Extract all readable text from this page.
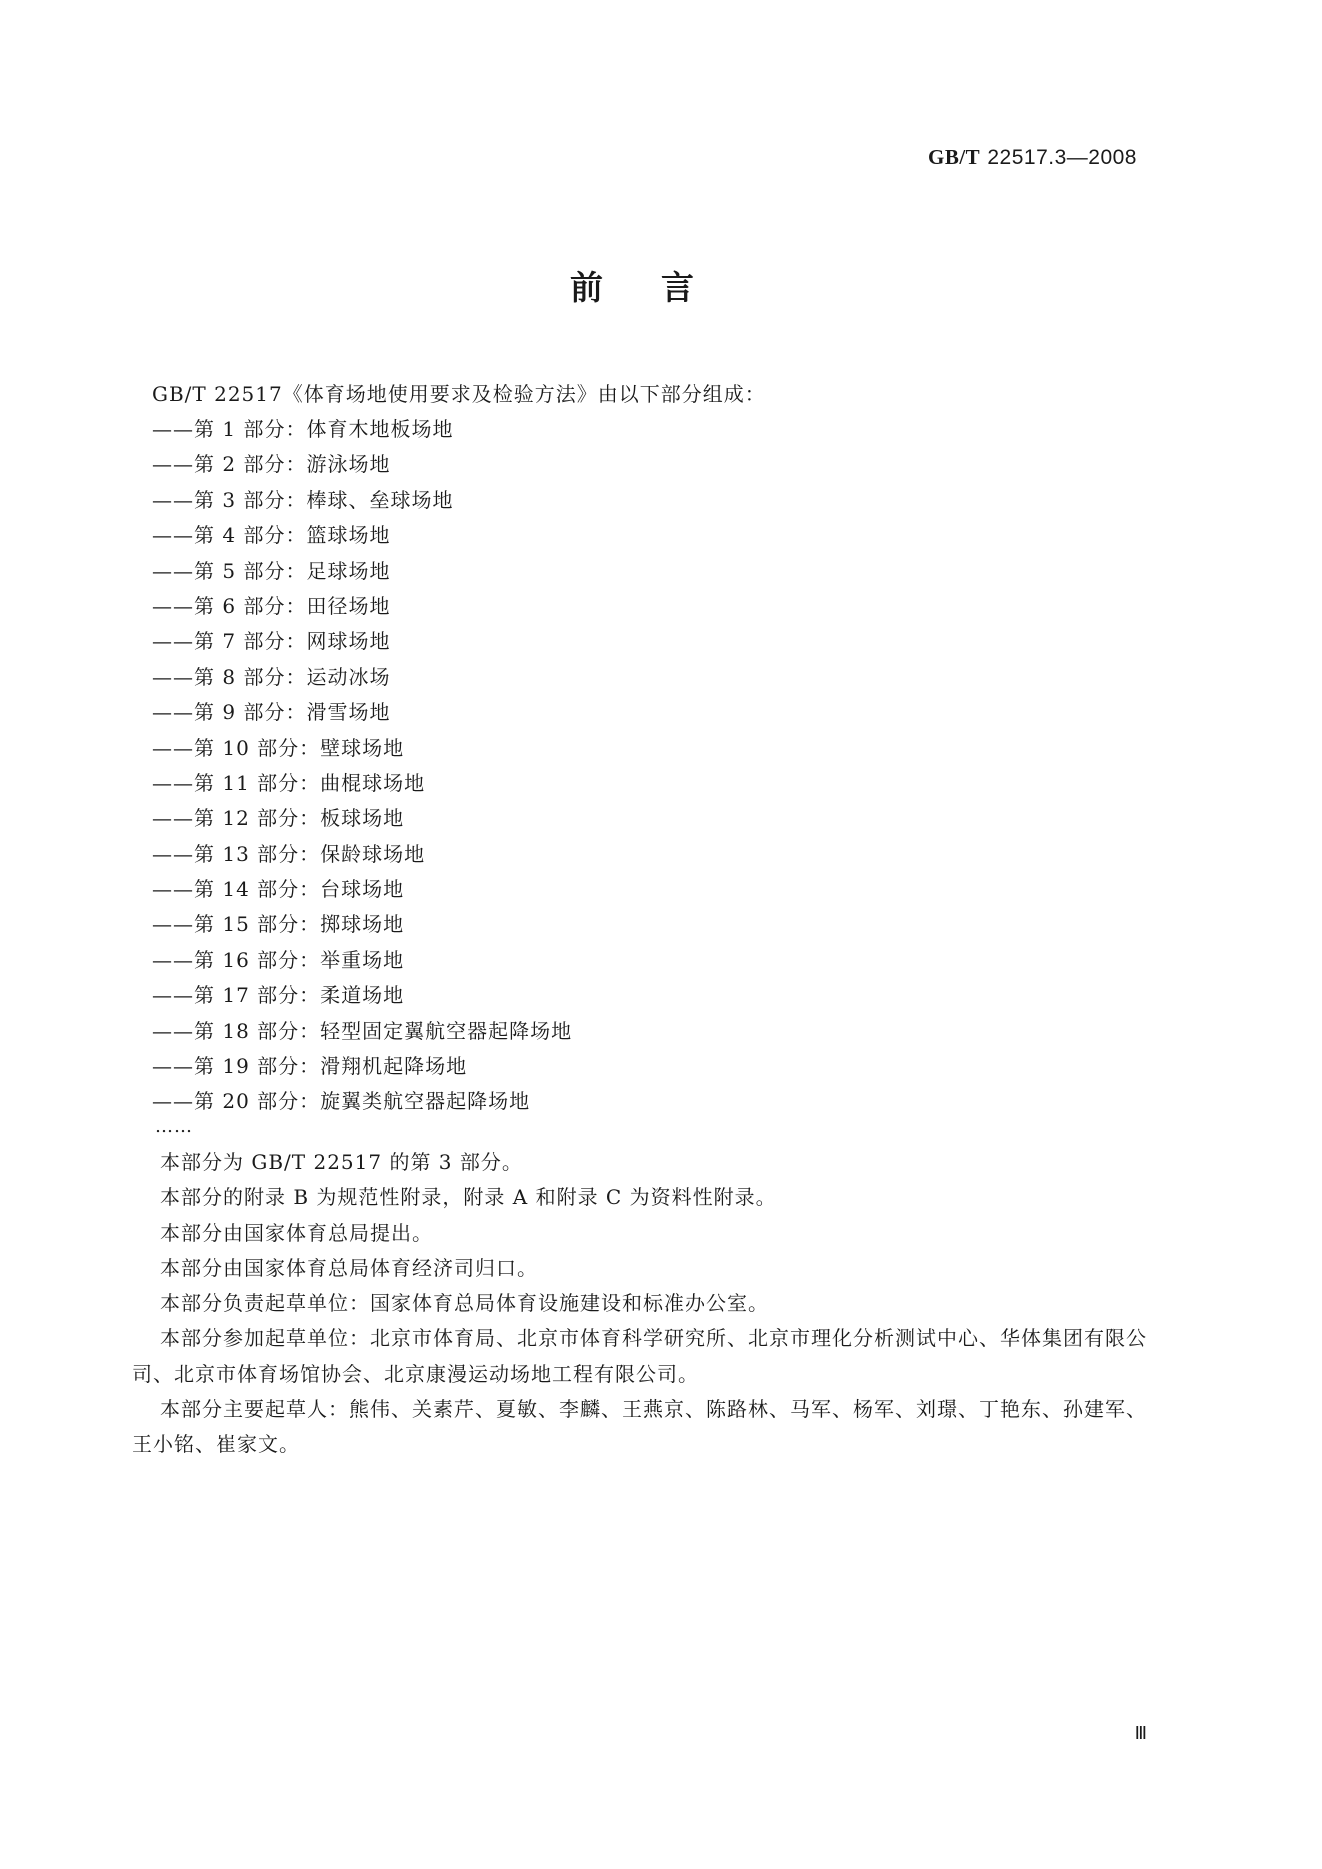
GB/T 22517.3—2008
前言
GB/T 22517《体育场地使用要求及检验方法》由以下部分组成：
——第 1 部分：体育木地板场地
——第 2 部分：游泳场地
——第 3 部分：棒球、垒球场地
——第 4 部分：篮球场地
——第 5 部分：足球场地
——第 6 部分：田径场地
——第 7 部分：网球场地
——第 8 部分：运动冰场
——第 9 部分：滑雪场地
——第 10 部分：壁球场地
——第 11 部分：曲棍球场地
——第 12 部分：板球场地
——第 13 部分：保龄球场地
——第 14 部分：台球场地
——第 15 部分：掷球场地
——第 16 部分：举重场地
——第 17 部分：柔道场地
——第 18 部分：轻型固定翼航空器起降场地
——第 19 部分：滑翔机起降场地
——第 20 部分：旋翼类航空器起降场地
……

本部分为 GB/T 22517 的第 3 部分。

本部分的附录 B 为规范性附录，附录 A 和附录 C 为资料性附录。

本部分由国家体育总局提出。

本部分由国家体育总局体育经济司归口。

本部分负责起草单位：国家体育总局体育设施建设和标准办公室。

本部分参加起草单位：北京市体育局、北京市体育科学研究所、北京市理化分析测试中心、华体集团有限公司、北京市体育场馆协会、北京康漫运动场地工程有限公司。

本部分主要起草人：熊伟、关素芹、夏敏、李麟、王燕京、陈路林、马军、杨军、刘璟、丁艳东、孙建军、王小铭、崔家文。

Ⅲ
